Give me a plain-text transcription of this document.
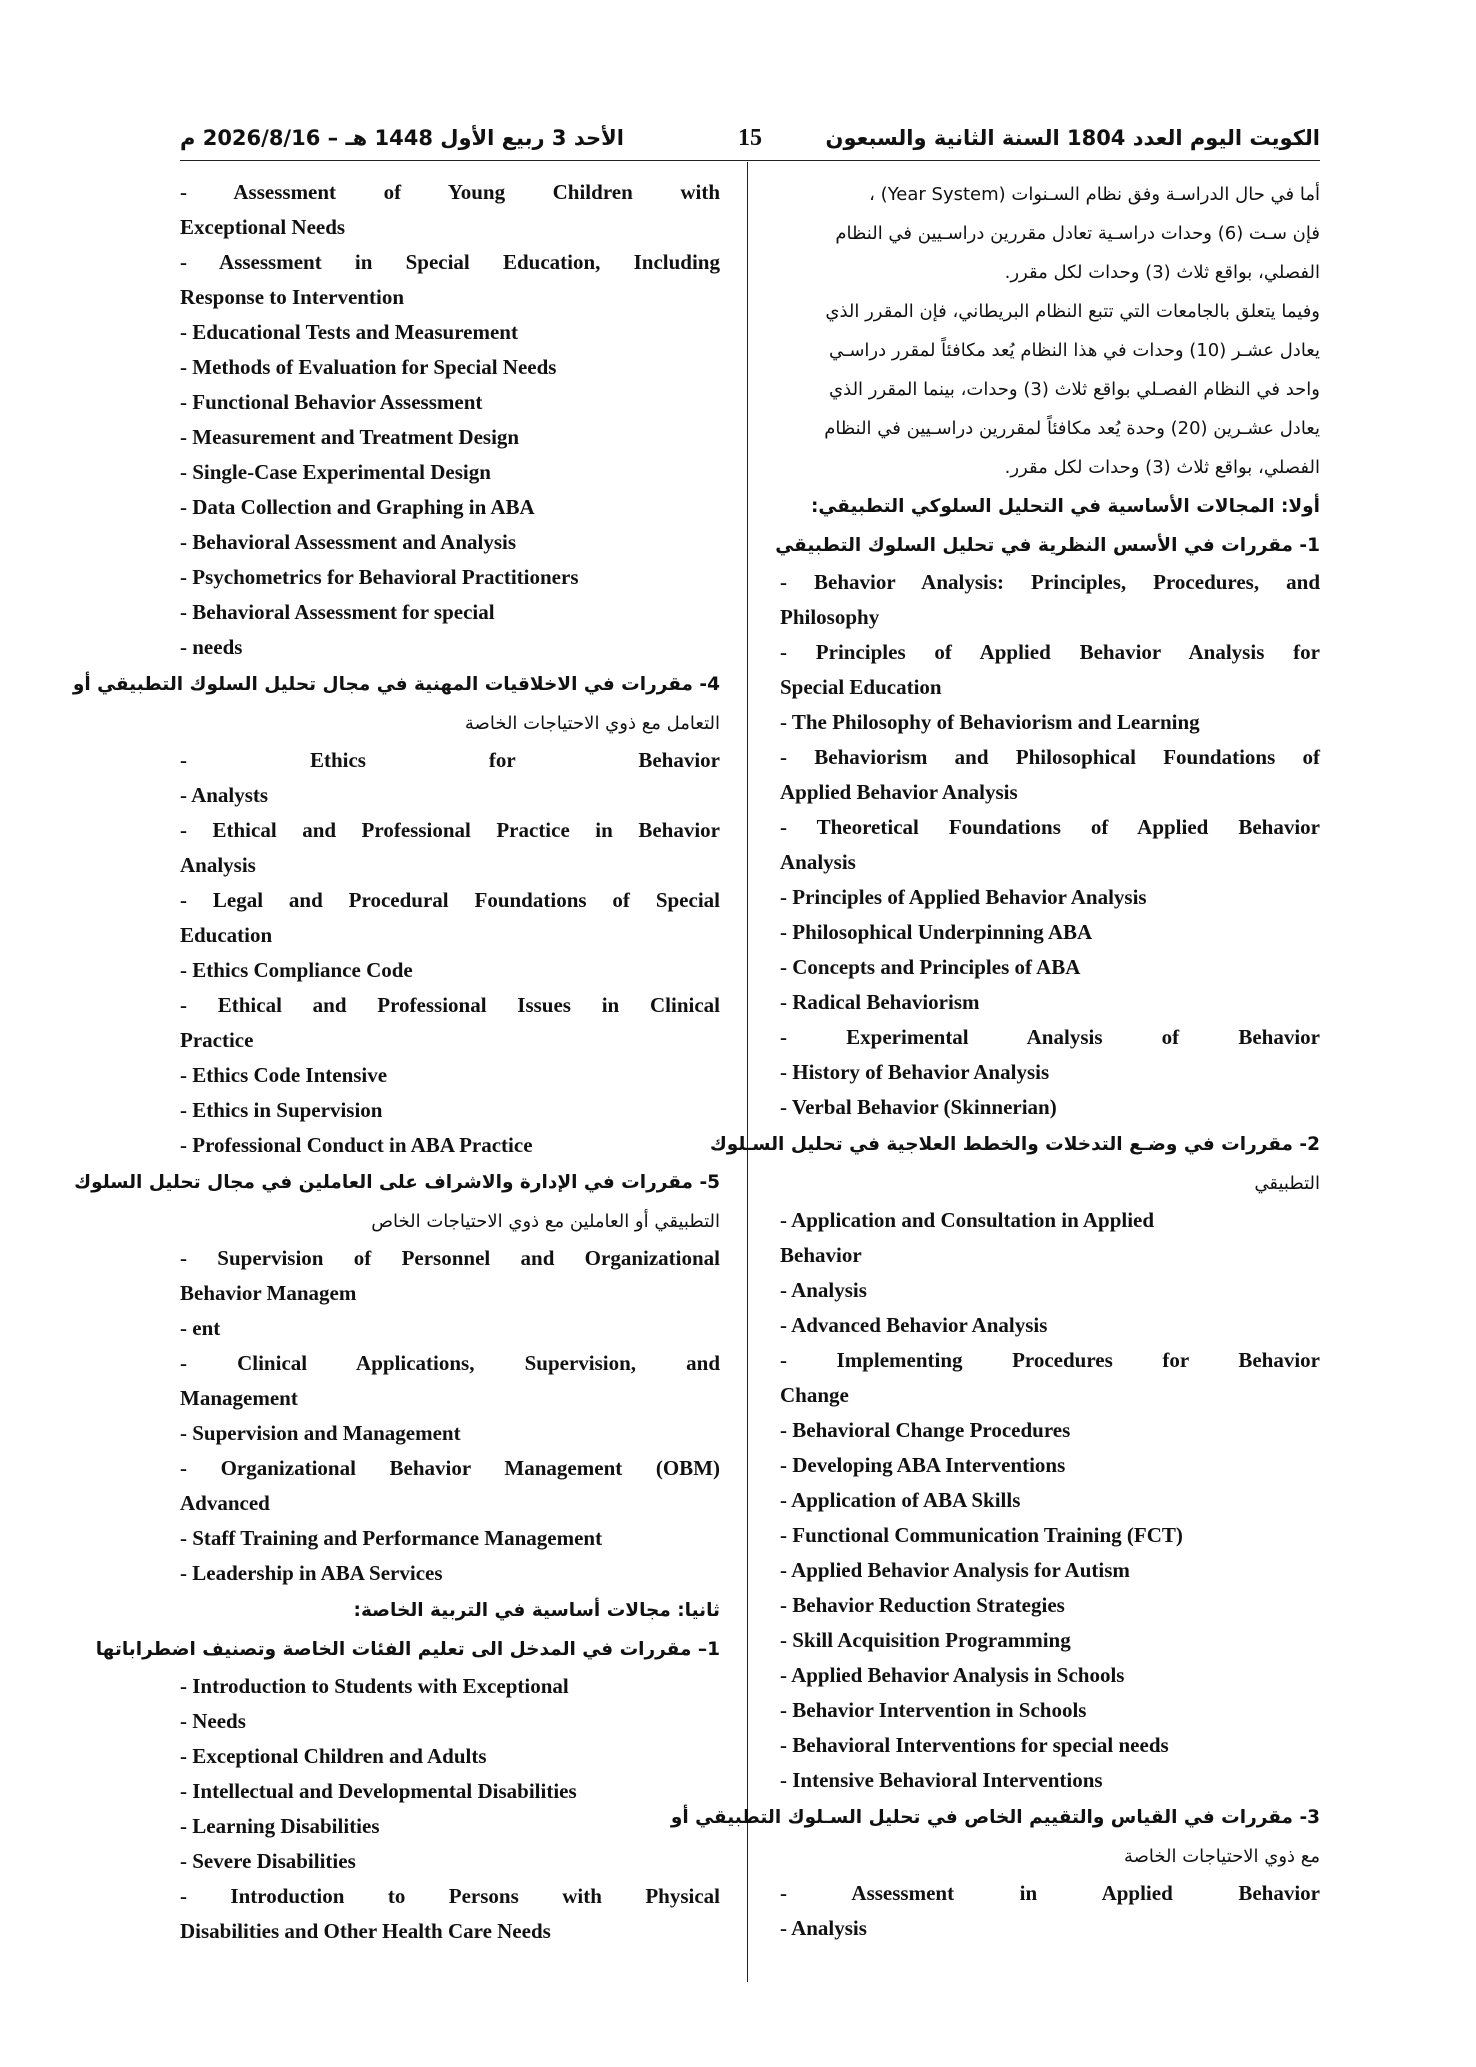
الكويت اليوم العدد 1804 السنة الثانية والسبعون
15
الأحد 3 ربيع الأول 1448 هـ – 2026/8/16 م
أما في حال الدراسـة وفق نظام السـنوات (Year System) ،
فإن سـت (6) وحدات دراسـية تعادل مقررين دراسـيين في النظام
الفصلي، بواقع ثلاث (3) وحدات لكل مقرر.
وفيما يتعلق بالجامعات التي تتبع النظام البريطاني، فإن المقرر الذي
يعادل عشـر (10) وحدات في هذا النظام يُعد مكافئاً لمقرر دراسـي
واحد في النظام الفصـلي بواقع ثلاث (3) وحدات، بينما المقرر الذي
يعادل عشـرين (20) وحدة يُعد مكافئاً لمقررين دراسـيين في النظام
الفصلي، بواقع ثلاث (3) وحدات لكل مقرر.
أولا: المجالات الأساسية في التحليل السلوكي التطبيقي:
1- مقررات في الأسس النظرية في تحليل السلوك التطبيقي
- Behavior Analysis: Principles, Procedures, and
Philosophy
- Principles of Applied Behavior Analysis for
Special Education
- The Philosophy of Behaviorism and Learning
- Behaviorism and Philosophical Foundations of
Applied Behavior Analysis
- Theoretical Foundations of Applied Behavior
Analysis
- Principles of Applied Behavior Analysis
- Philosophical Underpinning ABA
- Concepts and Principles of ABA
- Radical Behaviorism
- Experimental Analysis of Behavior
- History of Behavior Analysis
- Verbal Behavior (Skinnerian)
2- مقررات في وضـع التدخلات والخطط العلاجية في تحليل السـلوك
التطبيقي
- Application and Consultation in Applied
Behavior
- Analysis
- Advanced Behavior Analysis
- Implementing Procedures for Behavior
Change
- Behavioral Change Procedures
- Developing ABA Interventions
- Application of ABA Skills
- Functional Communication Training (FCT)
- Applied Behavior Analysis for Autism
- Behavior Reduction Strategies
- Skill Acquisition Programming
- Applied Behavior Analysis in Schools
- Behavior Intervention in Schools
- Behavioral Interventions for special needs
- Intensive Behavioral Interventions
3- مقررات في القياس والتقييم الخاص في تحليل السـلوك التطبيقي أو
مع ذوي الاحتياجات الخاصة
- Assessment in Applied Behavior
- Analysis
- Assessment of Young Children with
Exceptional Needs
- Assessment in Special Education, Including
Response to Intervention
- Educational Tests and Measurement
- Methods of Evaluation for Special Needs
- Functional Behavior Assessment
- Measurement and Treatment Design
- Single-Case Experimental Design
- Data Collection and Graphing in ABA
- Behavioral Assessment and Analysis
- Psychometrics for Behavioral Practitioners
- Behavioral Assessment for special
- needs
4- مقررات في الاخلاقيات المهنية في مجال تحليل السلوك التطبيقي أو
التعامل مع ذوي الاحتياجات الخاصة
- Ethics for Behavior
- Analysts
- Ethical and Professional Practice in Behavior
Analysis
- Legal and Procedural Foundations of Special
Education
- Ethics Compliance Code
- Ethical and Professional Issues in Clinical
Practice
- Ethics Code Intensive
- Ethics in Supervision
- Professional Conduct in ABA Practice
5- مقررات في الإدارة والاشراف على العاملين في مجال تحليل السلوك
التطبيقي أو العاملين مع ذوي الاحتياجات الخاص
- Supervision of Personnel and Organizational
Behavior Managem
- ent
- Clinical Applications, Supervision, and
Management
- Supervision and Management
- Organizational Behavior Management (OBM)
Advanced
- Staff Training and Performance Management
- Leadership in ABA Services
ثانيا: مجالات أساسية في التربية الخاصة:
1– مقررات في المدخل الى تعليم الفئات الخاصة وتصنيف اضطراباتها
- Introduction to Students with Exceptional
- Needs
- Exceptional Children and Adults
- Intellectual and Developmental Disabilities
- Learning Disabilities
- Severe Disabilities
- Introduction to Persons with Physical
Disabilities and Other Health Care Needs
